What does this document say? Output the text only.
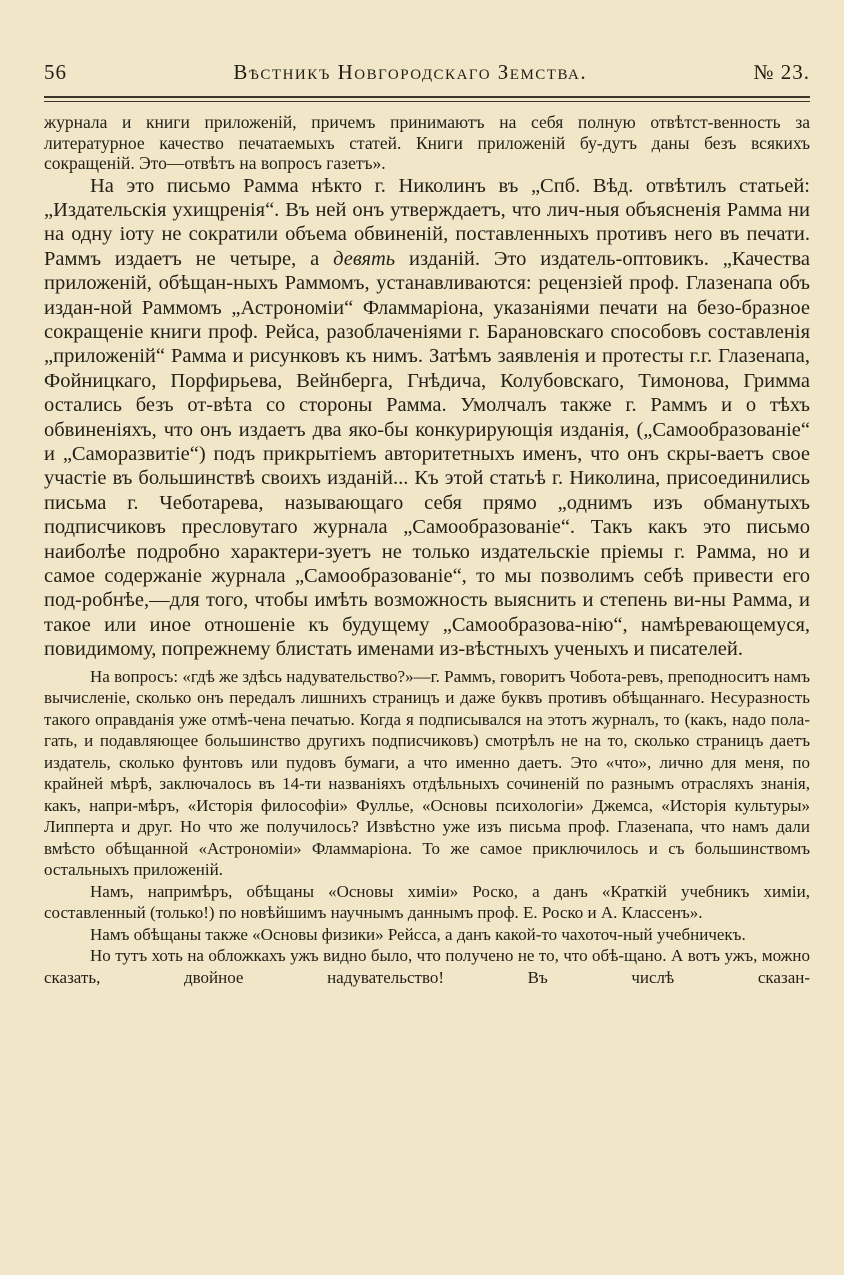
56	Вѣстникъ Новгородскаго Земства.	№ 23.

журнала и книги приложеній, причемъ принимаютъ на себя полную отвѣтст-венность за литературное качество печатаемыхъ статей. Книги приложеній бу-дутъ даны безъ всякихъ сокращеній. Это—отвѣтъ на вопросъ газетъ».

На это письмо Рамма нѣкто г. Николинъ въ „Спб. Вѣд. отвѣтилъ статьей: „Издательскія ухищренія“. Въ ней онъ утверждаетъ, что лич-ныя объясненія Рамма ни на одну іоту не сократили объема обвиненій, поставленныхъ противъ него въ печати. Раммъ издаетъ не четыре, а девять изданій. Это издатель-оптовикъ. „Качества приложеній, обѣщан-ныхъ Раммомъ, устанавливаются: рецензіей проф. Глазенапа объ издан-ной Раммомъ „Астрономіи“ Фламмаріона, указаніями печати на безо-бразное сокращеніе книги проф. Рейса, разоблаченіями г. Барановскаго способовъ составленія „приложеній“ Рамма и рисунковъ къ нимъ. Затѣмъ заявленія и протесты г.г. Глазенапа, Фойницкаго, Порфирьева, Вейнберга, Гнѣдича, Колубовскаго, Тимонова, Гримма остались безъ от-вѣта со стороны Рамма. Умолчалъ также г. Раммъ и о тѣхъ обвиненіяхъ, что онъ издаетъ два яко-бы конкурирующія изданія, („Самообразованіе“ и „Саморазвитіе“) подъ прикрытіемъ авторитетныхъ именъ, что онъ скры-ваетъ свое участіе въ большинствѣ своихъ изданій... Къ этой статьѣ г. Николина, присоединились письма г. Чеботарева, называющаго себя прямо „однимъ изъ обманутыхъ подписчиковъ пресловутаго журнала „Самообразованіе“. Такъ какъ это письмо наиболѣе подробно характери-зуетъ не только издательскіе пріемы г. Рамма, но и самое содержаніе журнала „Самообразованіе“, то мы позволимъ себѣ привести его под-робнѣе,—для того, чтобы имѣть возможность выяснить и степень ви-ны Рамма, и такое или иное отношеніе къ будущему „Самообразова-нію“, намѣревающемуся, повидимому, попрежнему блистать именами из-вѣстныхъ ученыхъ и писателей.

На вопросъ: «гдѣ же здѣсь надувательство?»—г. Раммъ, говоритъ Чобота-ревъ, преподноситъ намъ вычисленіе, сколько онъ передалъ лишнихъ страницъ и даже буквъ противъ обѣщаннаго. Несуразность такого оправданія уже отмѣ-чена печатью. Когда я подписывался на этотъ журналъ, то (какъ, надо пола-гать, и подавляющее большинство другихъ подписчиковъ) смотрѣлъ не на то, сколько страницъ даетъ издатель, сколько фунтовъ или пудовъ бумаги, а что именно даетъ. Это «что», лично для меня, по крайней мѣрѣ, заключалось въ 14-ти названіяхъ отдѣльныхъ сочиненій по разнымъ отрасляхъ знанія, какъ, напри-мѣръ, «Исторія философіи» Фуллье, «Основы психологіи» Джемса, «Исторія культуры» Липперта и друг. Но что же получилось? Извѣстно уже изъ письма проф. Глазенапа, что намъ дали вмѣсто обѣщанной «Астрономіи» Фламмаріона. То же самое приключилось и съ большинствомъ остальныхъ приложеній.

Намъ, напримѣръ, обѣщаны «Основы химіи» Роско, а данъ «Краткій учебникъ химіи, составленный (только!) по новѣйшимъ научнымъ даннымъ проф. Е. Роско и А. Классенъ».

Намъ обѣщаны также «Основы физики» Рейсса, а данъ какой-то чахоточ-ный учебничекъ.

Но тутъ хоть на обложкахъ ужъ видно было, что получено не то, что обѣ-щано. А вотъ ужъ, можно сказать, двойное надувательство! Въ числѣ сказан-
